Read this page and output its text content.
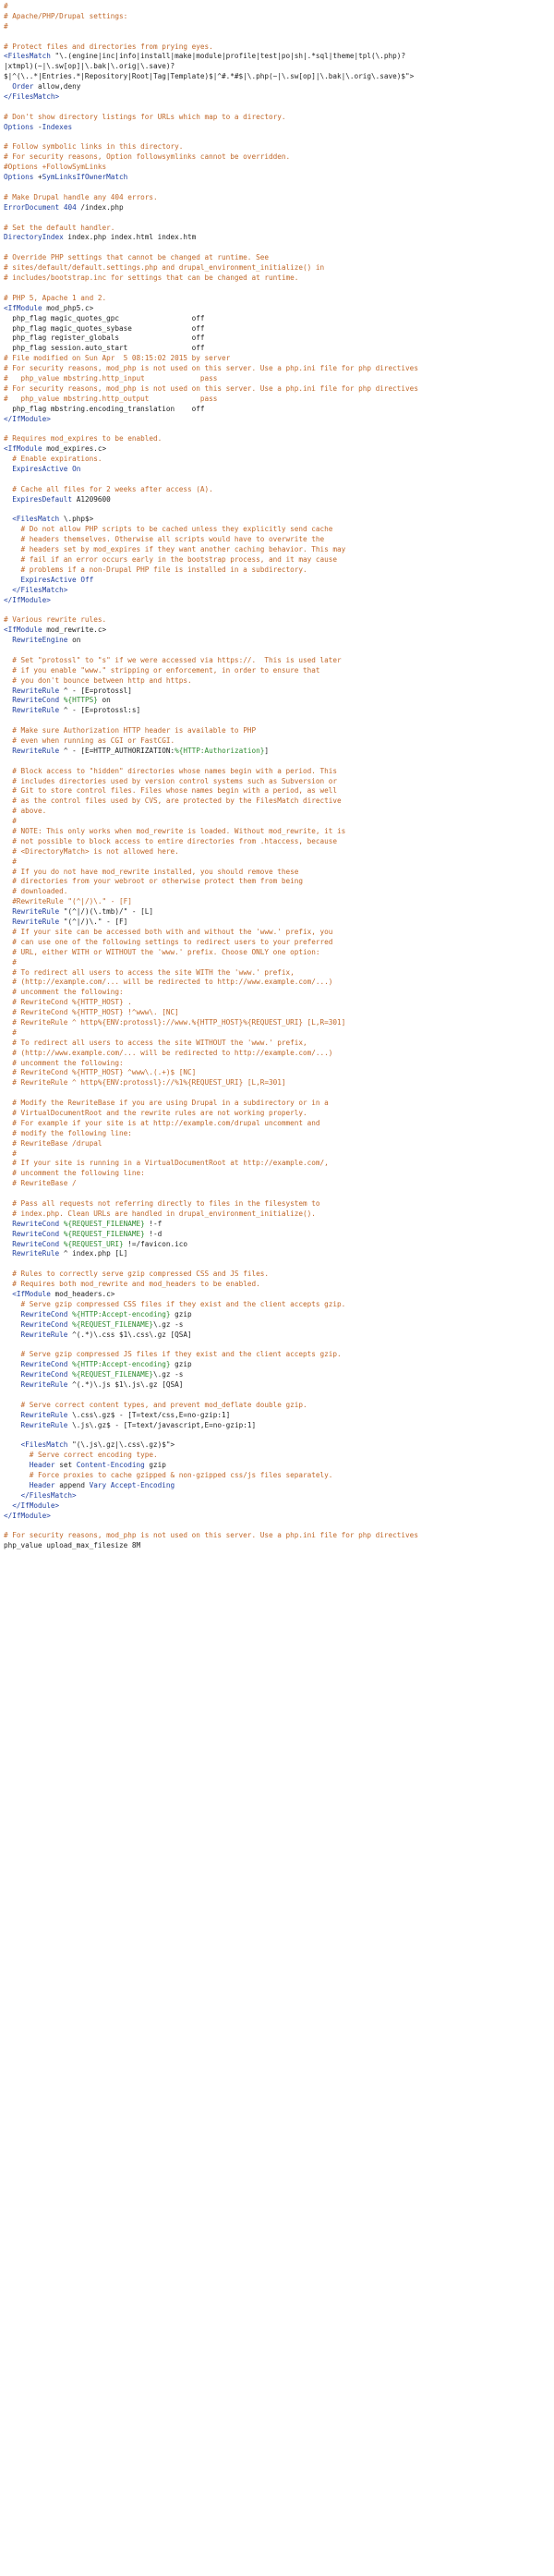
#
# Apache/PHP/Drupal settings:
#
# Protect files and directories from prying eyes.
<FilesMatch "\.(engine|inc|info|install|make|module|profile|test|po|sh|.*sql|theme|tpl(\.php)?
|xtmpl)(~|\.sw[op]|\.bak|\.orig|\.save)?
$|^(\..*|Entries.*|Repository|Root|Tag|Template)$|^#.*#$|\.php(~|\.sw[op]|\.bak|\.orig\.save)$">
Order allow,deny
</FilesMatch>
# Don't show directory listings for URLs which map to a directory.
Options -Indexes
# Follow symbolic links in this directory.
# For security reasons, Option followsymlinks cannot be overridden.
#Options +FollowSymLinks
Options +SymLinksIfOwnerMatch
# Make Drupal handle any 404 errors.
ErrorDocument 404 /index.php
# Set the default handler.
DirectoryIndex index.php index.html index.htm
# Override PHP settings that cannot be changed at runtime. See
# sites/default/default.settings.php and drupal_environment_initialize() in
# includes/bootstrap.inc for settings that can be changed at runtime.
# PHP 5, Apache 1 and 2.
<IfModule mod_php5.c>
php_flag magic_quotes_gpc                 off
php_flag magic_quotes_sybase              off
php_flag register_globals                 off
php_flag session.auto_start               off
# File modified on Sun Apr  5 08:15:02 2015 by server
# For security reasons, mod_php is not used on this server. Use a php.ini file for php directives
#   php_value mbstring.http_input             pass
# For security reasons, mod_php is not used on this server. Use a php.ini file for php directives
#   php_value mbstring.http_output            pass
php_flag mbstring.encoding_translation    off
</IfModule>
# Requires mod_expires to be enabled.
<IfModule mod_expires.c>
# Enable expirations.
ExpiresActive On
# Cache all files for 2 weeks after access (A).
ExpiresDefault A1209600
<FilesMatch \.php$>
# Do not allow PHP scripts to be cached unless they explicitly send cache
# headers themselves. Otherwise all scripts would have to overwrite the
# headers set by mod_expires if they want another caching behavior. This may
# fail if an error occurs early in the bootstrap process, and it may cause
# problems if a non-Drupal PHP file is installed in a subdirectory.
ExpiresActive Off
</FilesMatch>
</IfModule>
# Various rewrite rules.
<IfModule mod_rewrite.c>
RewriteEngine on
# Set "protossl" to "s" if we were accessed via https://.  This is used later
# if you enable "www." stripping or enforcement, in order to ensure that
# you don't bounce between http and https.
RewriteRule ^ - [E=protossl]
RewriteCond %{HTTPS} on
RewriteRule ^ - [E=protossl:s]
# Make sure Authorization HTTP header is available to PHP
# even when running as CGI or FastCGI.
RewriteRule ^ - [E=HTTP_AUTHORIZATION:%{HTTP:Authorization}]
# Block access to "hidden" directories whose names begin with a period. This
# includes directories used by version control systems such as Subversion or
# Git to store control files. Files whose names begin with a period, as well
# as the control files used by CVS, are protected by the FilesMatch directive
# above.
#
# NOTE: This only works when mod_rewrite is loaded. Without mod_rewrite, it is
# not possible to block access to entire directories from .htaccess, because
# <DirectoryMatch> is not allowed here.
#
# If you do not have mod_rewrite installed, you should remove these
# directories from your webroot or otherwise protect them from being
# downloaded.
#RewriteRule "(^|/)\." - [F]
RewriteRule "(^|/)(\.tmb)/" - [L]
RewriteRule "(^|/)\." - [F]
# If your site can be accessed both with and without the 'www.' prefix, you
# can use one of the following settings to redirect users to your preferred
# URL, either WITH or WITHOUT the 'www.' prefix. Choose ONLY one option:
#
# To redirect all users to access the site WITH the 'www.' prefix,
# (http://example.com/... will be redirected to http://www.example.com/...)
# uncomment the following:
# RewriteCond %{HTTP_HOST} .
# RewriteCond %{HTTP_HOST} !^www\. [NC]
# RewriteRule ^ http%{ENV:protossl}://www.%{HTTP_HOST}%{REQUEST_URI} [L,R=301]
#
# To redirect all users to access the site WITHOUT the 'www.' prefix,
# (http://www.example.com/... will be redirected to http://example.com/...)
# uncomment the following:
# RewriteCond %{HTTP_HOST} ^www\.(.+)$ [NC]
# RewriteRule ^ http%{ENV:protossl}://%1%{REQUEST_URI} [L,R=301]
# Modify the RewriteBase if you are using Drupal in a subdirectory or in a
# VirtualDocumentRoot and the rewrite rules are not working properly.
# For example if your site is at http://example.com/drupal uncomment and
# modify the following line:
# RewriteBase /drupal
#
# If your site is running in a VirtualDocumentRoot at http://example.com/,
# uncomment the following line:
# RewriteBase /
# Pass all requests not referring directly to files in the filesystem to
# index.php. Clean URLs are handled in drupal_environment_initialize().
RewriteCond %{REQUEST_FILENAME} !-f
RewriteCond %{REQUEST_FILENAME} !-d
RewriteCond %{REQUEST_URI} !=/favicon.ico
RewriteRule ^ index.php [L]
# Rules to correctly serve gzip compressed CSS and JS files.
# Requires both mod_rewrite and mod_headers to be enabled.
<IfModule mod_headers.c>
# Serve gzip compressed CSS files if they exist and the client accepts gzip.
RewriteCond %{HTTP:Accept-encoding} gzip
RewriteCond %{REQUEST_FILENAME}\.gz -s
RewriteRule ^(.*)\.css $1\.css\.gz [QSA]
# Serve gzip compressed JS files if they exist and the client accepts gzip.
RewriteCond %{HTTP:Accept-encoding} gzip
RewriteCond %{REQUEST_FILENAME}\.gz -s
RewriteRule ^(.*)\.js $1\.js\.gz [QSA]
# Serve correct content types, and prevent mod_deflate double gzip.
RewriteRule \.css\.gz$ - [T=text/css,E=no-gzip:1]
RewriteRule \.js\.gz$ - [T=text/javascript,E=no-gzip:1]
<FilesMatch "(\.js\.gz|\.css\.gz)$">
# Serve correct encoding type.
Header set Content-Encoding gzip
# Force proxies to cache gzipped & non-gzipped css/js files separately.
Header append Vary Accept-Encoding
</FilesMatch>
</IfModule>
</IfModule>
# For security reasons, mod_php is not used on this server. Use a php.ini file for php directives
php_value upload_max_filesize 8M
